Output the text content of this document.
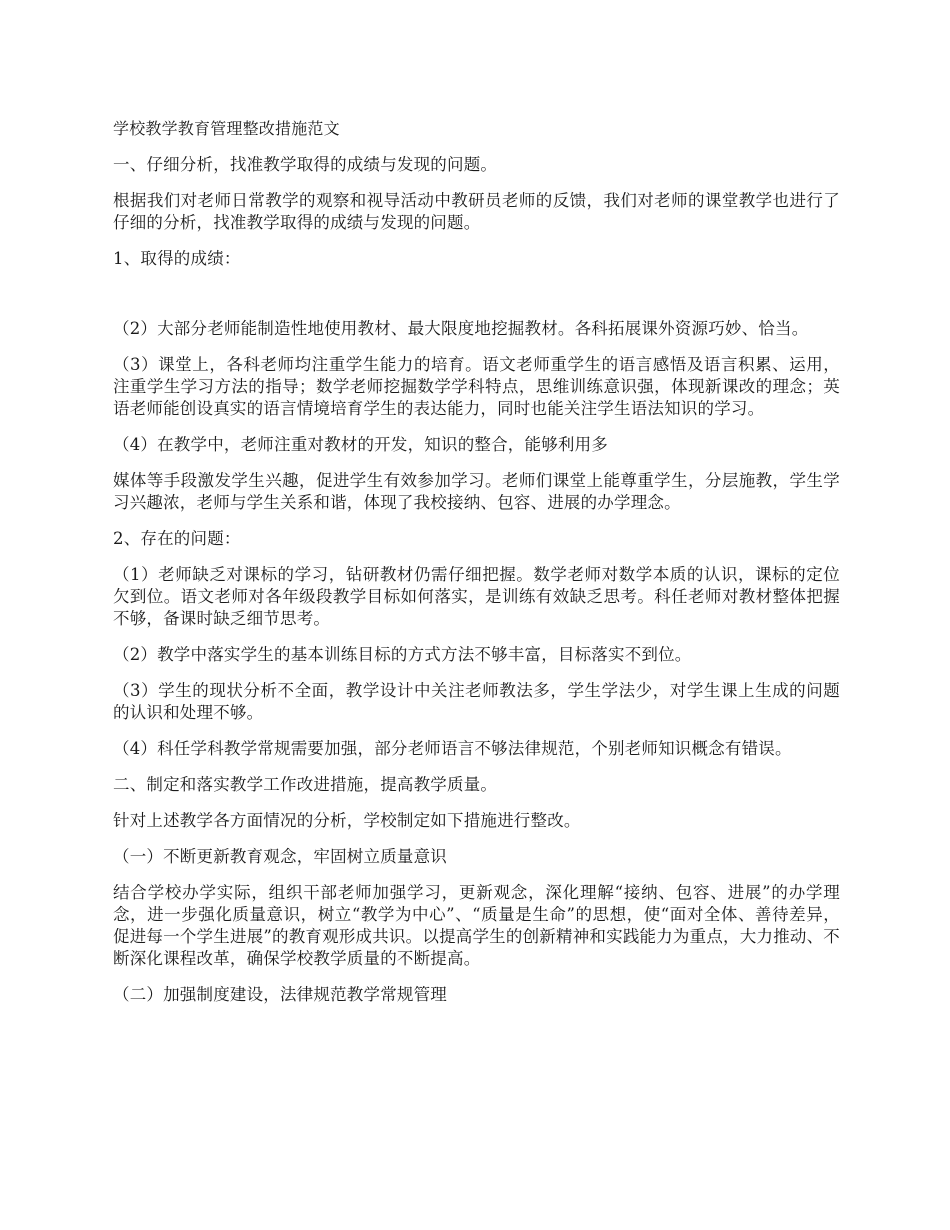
学校教学教育管理整改措施范文

一、仔细分析，找准教学取得的成绩与发现的问题。

根据我们对老师日常教学的观察和视导活动中教研员老师的反馈，我们对老师的课堂教学也进行了仔细的分析，找准教学取得的成绩与发现的问题。

1、取得的成绩：

（2）大部分老师能制造性地使用教材、最大限度地挖掘教材。各科拓展课外资源巧妙、恰当。

（3）课堂上，各科老师均注重学生能力的培育。语文老师重学生的语言感悟及语言积累、运用，注重学生学习方法的指导；数学老师挖掘数学学科特点，思维训练意识强，体现新课改的理念；英语老师能创设真实的语言情境培育学生的表达能力，同时也能关注学生语法知识的学习。

（4）在教学中，老师注重对教材的开发，知识的整合，能够利用多

媒体等手段激发学生兴趣，促进学生有效参加学习。老师们课堂上能尊重学生，分层施教，学生学习兴趣浓，老师与学生关系和谐，体现了我校接纳、包容、进展的办学理念。

2、存在的问题：

（1）老师缺乏对课标的学习，钻研教材仍需仔细把握。数学老师对数学本质的认识，课标的定位欠到位。语文老师对各年级段教学目标如何落实，是训练有效缺乏思考。科任老师对教材整体把握不够，备课时缺乏细节思考。

（2）教学中落实学生的基本训练目标的方式方法不够丰富，目标落实不到位。

（3）学生的现状分析不全面，教学设计中关注老师教法多，学生学法少，对学生课上生成的问题的认识和处理不够。

（4）科任学科教学常规需要加强，部分老师语言不够法律规范，个别老师知识概念有错误。

二、制定和落实教学工作改进措施，提高教学质量。

针对上述教学各方面情况的分析，学校制定如下措施进行整改。

（一）不断更新教育观念，牢固树立质量意识

结合学校办学实际，组织干部老师加强学习，更新观念，深化理解“接纳、包容、进展”的办学理念，进一步强化质量意识，树立“教学为中心”、“质量是生命”的思想，使“面对全体、善待差异，促进每一个学生进展”的教育观形成共识。以提高学生的创新精神和实践能力为重点，大力推动、不断深化课程改革，确保学校教学质量的不断提高。

（二）加强制度建设，法律规范教学常规管理
